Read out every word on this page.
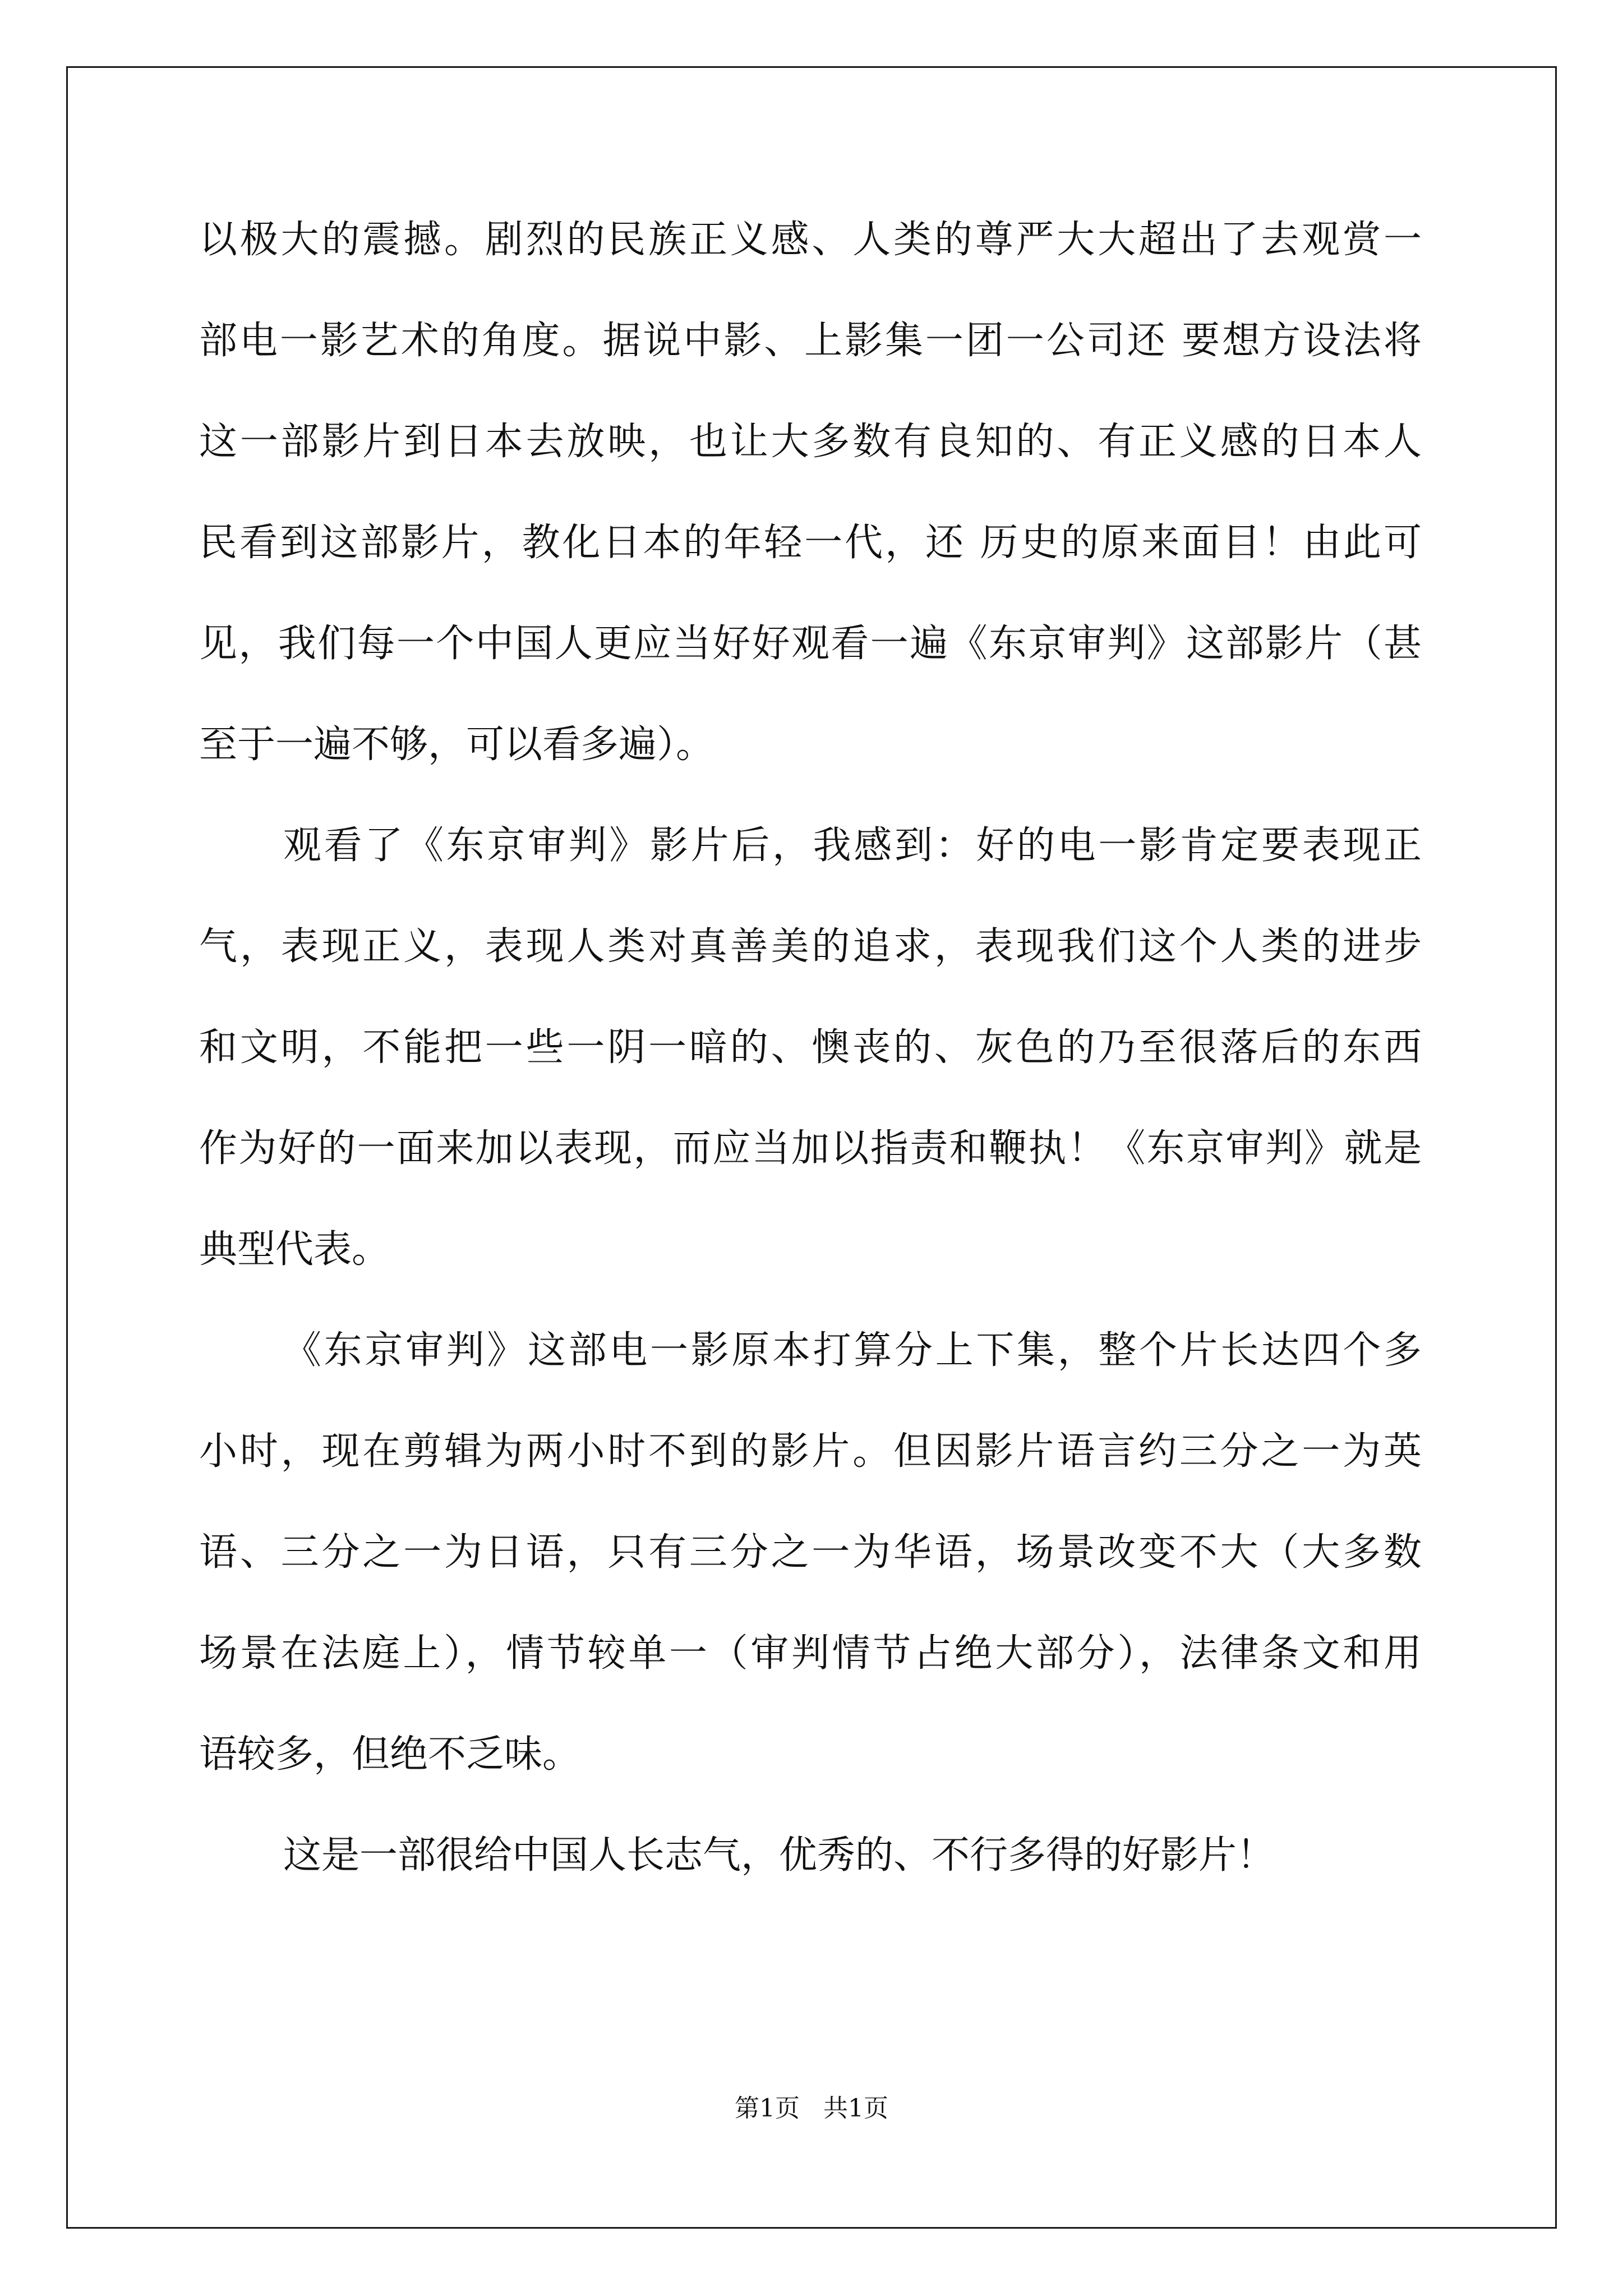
以极大的震撼。剧烈的民族正义感、人类的尊严大大超出了去观赏一
部电一影艺术的角度。据说中影、上影集一团一公司还 要想方设法将
这一部影片到日本去放映，也让大多数有良知的、有正义感的日本人
民看到这部影片，教化日本的年轻一代，还 历史的原来面目！由此可
见，我们每一个中国人更应当好好观看一遍《东京审判》这部影片（甚
至于一遍不够，可以看多遍）。
观看了《东京审判》影片后，我感到：好的电一影肯定要表现正
气，表现正义，表现人类对真善美的追求，表现我们这个人类的进步
和文明，不能把一些一阴一暗的、懊丧的、灰色的乃至很落后的东西
作为好的一面来加以表现，而应当加以指责和鞭执！《东京审判》就是
典型代表。
《东京审判》这部电一影原本打算分上下集，整个片长达四个多
小时，现在剪辑为两小时不到的影片。但因影片语言约三分之一为英
语、三分之一为日语，只有三分之一为华语，场景改变不大（大多数
场景在法庭上），情节较单一（审判情节占绝大部分），法律条文和用
语较多，但绝不乏味。
这是一部很给中国人长志气，优秀的、不行多得的好影片！
第1页 共1页
